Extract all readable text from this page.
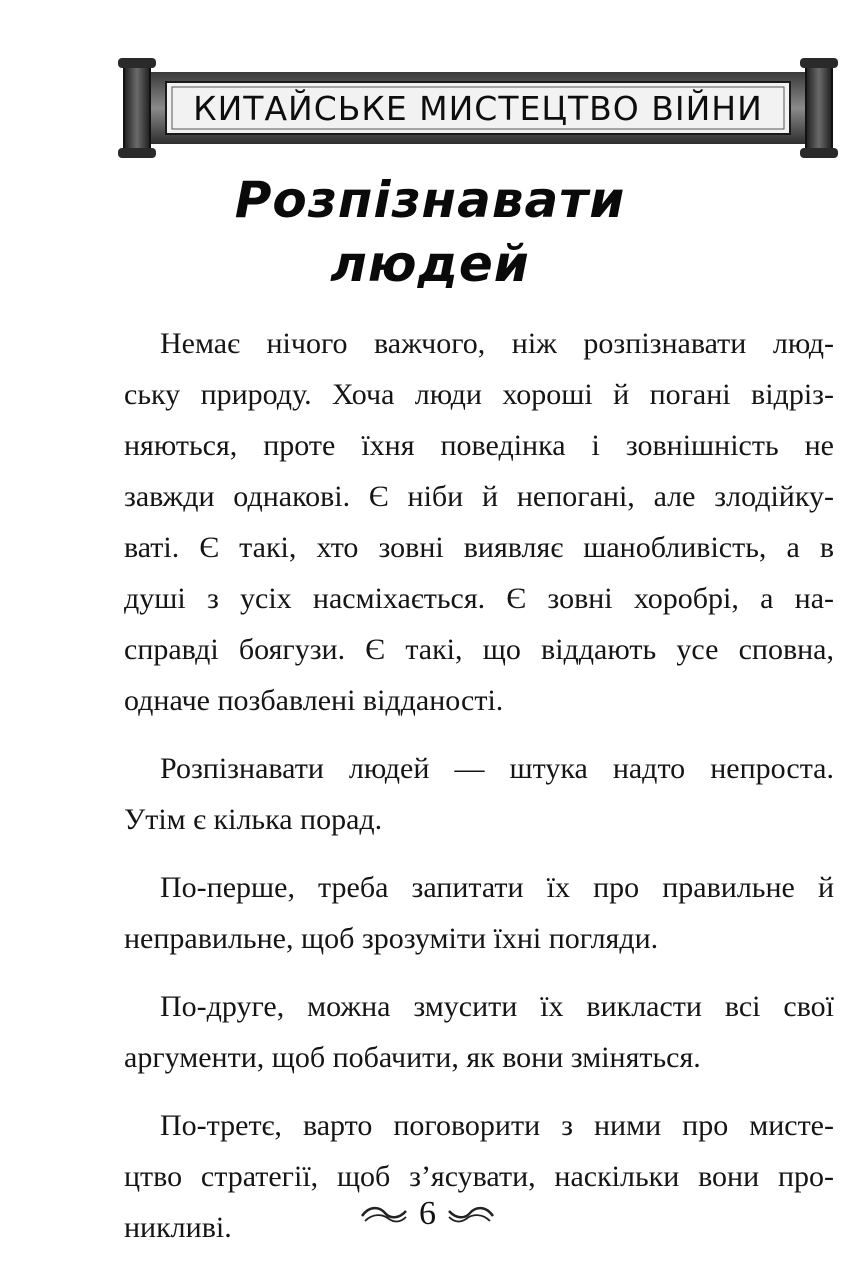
КИТАЙСЬКЕ МИСТЕЦТВО ВІЙНИ
Розпізнавати
людей
Немає нічого важчого, ніж розпізнавати люд-
ську природу. Хоча люди хороші й погані відріз-
няються, проте їхня поведінка і зовнішність не
завжди однакові. Є ніби й непогані, але злодійку-
ваті. Є такі, хто зовні виявляє шанобливість, а в
душі з усіх насміхається. Є зовні хоробрі, а на-
справді боягузи. Є такі, що віддають усе сповна,
одначе позбавлені відданості.
Розпізнавати людей — штука надто непроста.
Утім є кілька порад.
По-перше, треба запитати їх про правильне й
неправильне, щоб зрозуміти їхні погляди.
По-друге, можна змусити їх викласти всі свої
аргументи, щоб побачити, як вони зміняться.
По-третє, варто поговорити з ними про мисте-
цтво стратегії, щоб з’ясувати, наскільки вони про-
никливі.	6
